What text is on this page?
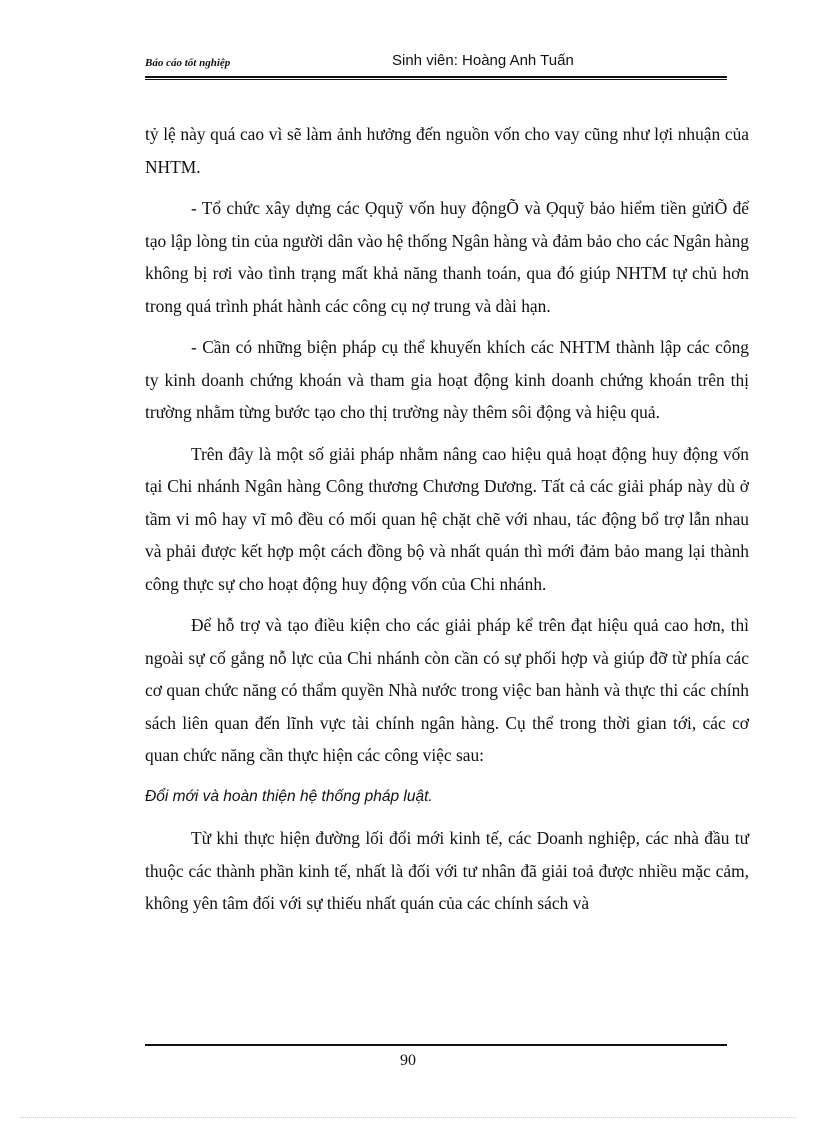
Báo cáo tốt nghiệp	Sinh viên: Hoàng Anh Tuấn

tỷ lệ này quá cao vì sẽ làm ảnh hưởng đến nguồn vốn cho vay cũng như lợi nhuận của NHTM.

- Tổ chức xây dựng các Ọquỹ vốn huy độngÕ và Ọquỹ bảo hiểm tiền gửiÕ để tạo lập lòng tin của người dân vào hệ thống Ngân hàng và đảm bảo cho các Ngân hàng không bị rơi vào tình trạng mất khả năng thanh toán, qua đó giúp NHTM tự chủ hơn trong quá trình phát hành các công cụ nợ trung và dài hạn.

- Cần có những biện pháp cụ thể khuyến khích các NHTM thành lập các công ty kinh doanh chứng khoán và tham gia hoạt động kinh doanh chứng khoán trên thị trường nhằm từng bước tạo cho thị trường này thêm sôi động và hiệu quả.

Trên đây là một số giải pháp nhằm nâng cao hiệu quả hoạt động huy động vốn tại Chi nhánh Ngân hàng Công thương Chương Dương. Tất cả các giải pháp này dù ở tầm vi mô hay vĩ mô đều có mối quan hệ chặt chẽ với nhau, tác động bổ trợ lẫn nhau và phải được kết hợp một cách đồng bộ và nhất quán thì mới đảm bảo mang lại thành công thực sự cho hoạt động huy động vốn của Chi nhánh.

Để hỗ trợ và tạo điều kiện cho các giải pháp kể trên đạt hiệu quả cao hơn, thì ngoài sự cố gắng nỗ lực của Chi nhánh còn cần có sự phối hợp và giúp đỡ từ phía các cơ quan chức năng có thẩm quyền Nhà nước trong việc ban hành và thực thi các chính sách liên quan đến lĩnh vực tài chính ngân hàng. Cụ thể trong thời gian tới, các cơ quan chức năng cần thực hiện các công việc sau:

Đổi mới và hoàn thiện hệ thống pháp luật.

Từ khi thực hiện đường lối đổi mới kinh tế, các Doanh nghiệp, các nhà đầu tư thuộc các thành phần kinh tế, nhất là đối với tư nhân đã giải toả được nhiều mặc cảm, không yên tâm đối với sự thiếu nhất quán của các chính sách và

90
